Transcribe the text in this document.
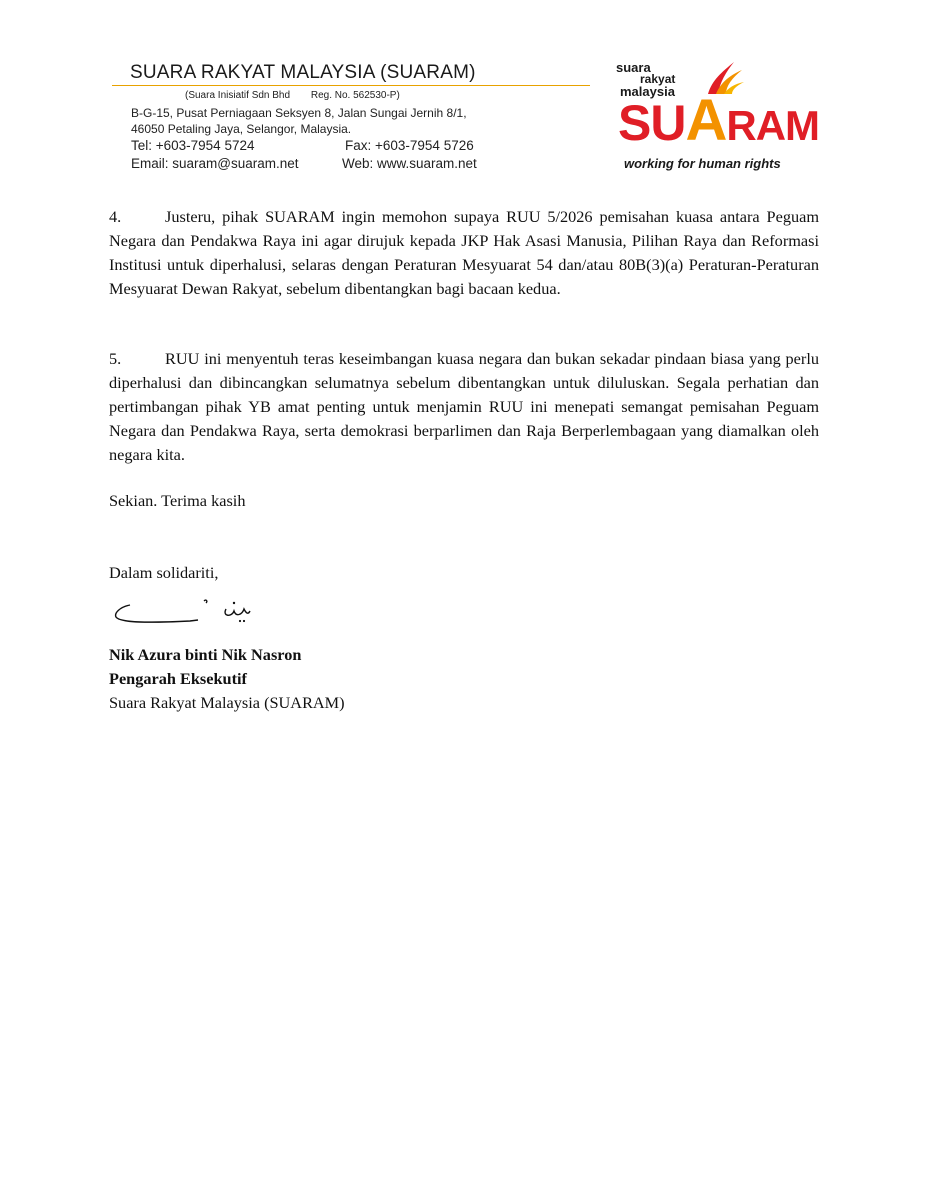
SUARA RAKYAT MALAYSIA (SUARAM)
(Suara Inisiatif Sdn Bhd Reg. No. 562530-P)
B-G-15, Pusat Perniagaan Seksyen 8, Jalan Sungai Jernih 8/1,
46050 Petaling Jaya, Selangor, Malaysia.
Tel: +603-7954 5724	Fax: +603-7954 5726
Email: suaram@suaram.net	Web: www.suaram.net
suara
rakyat
malaysia
SUARAM
working for human rights

4.	Justeru, pihak SUARAM ingin memohon supaya RUU 5/2026 pemisahan kuasa antara Peguam Negara dan Pendakwa Raya ini agar dirujuk kepada JKP Hak Asasi Manusia, Pilihan Raya dan Reformasi Institusi untuk diperhalusi, selaras dengan Peraturan Mesyuarat 54 dan/atau 80B(3)(a) Peraturan-Peraturan Mesyuarat Dewan Rakyat, sebelum dibentangkan bagi bacaan kedua.

5.	RUU ini menyentuh teras keseimbangan kuasa negara dan bukan sekadar pindaan biasa yang perlu diperhalusi dan dibincangkan selumatnya sebelum dibentangkan untuk diluluskan. Segala perhatian dan pertimbangan pihak YB amat penting untuk menjamin RUU ini menepati semangat pemisahan Peguam Negara dan Pendakwa Raya, serta demokrasi berparlimen dan Raja Berperlembagaan yang diamalkan oleh negara kita.

Sekian. Terima kasih

Dalam solidariti,

Nik Azura binti Nik Nasron

Pengarah Eksekutif

Suara Rakyat Malaysia (SUARAM)
